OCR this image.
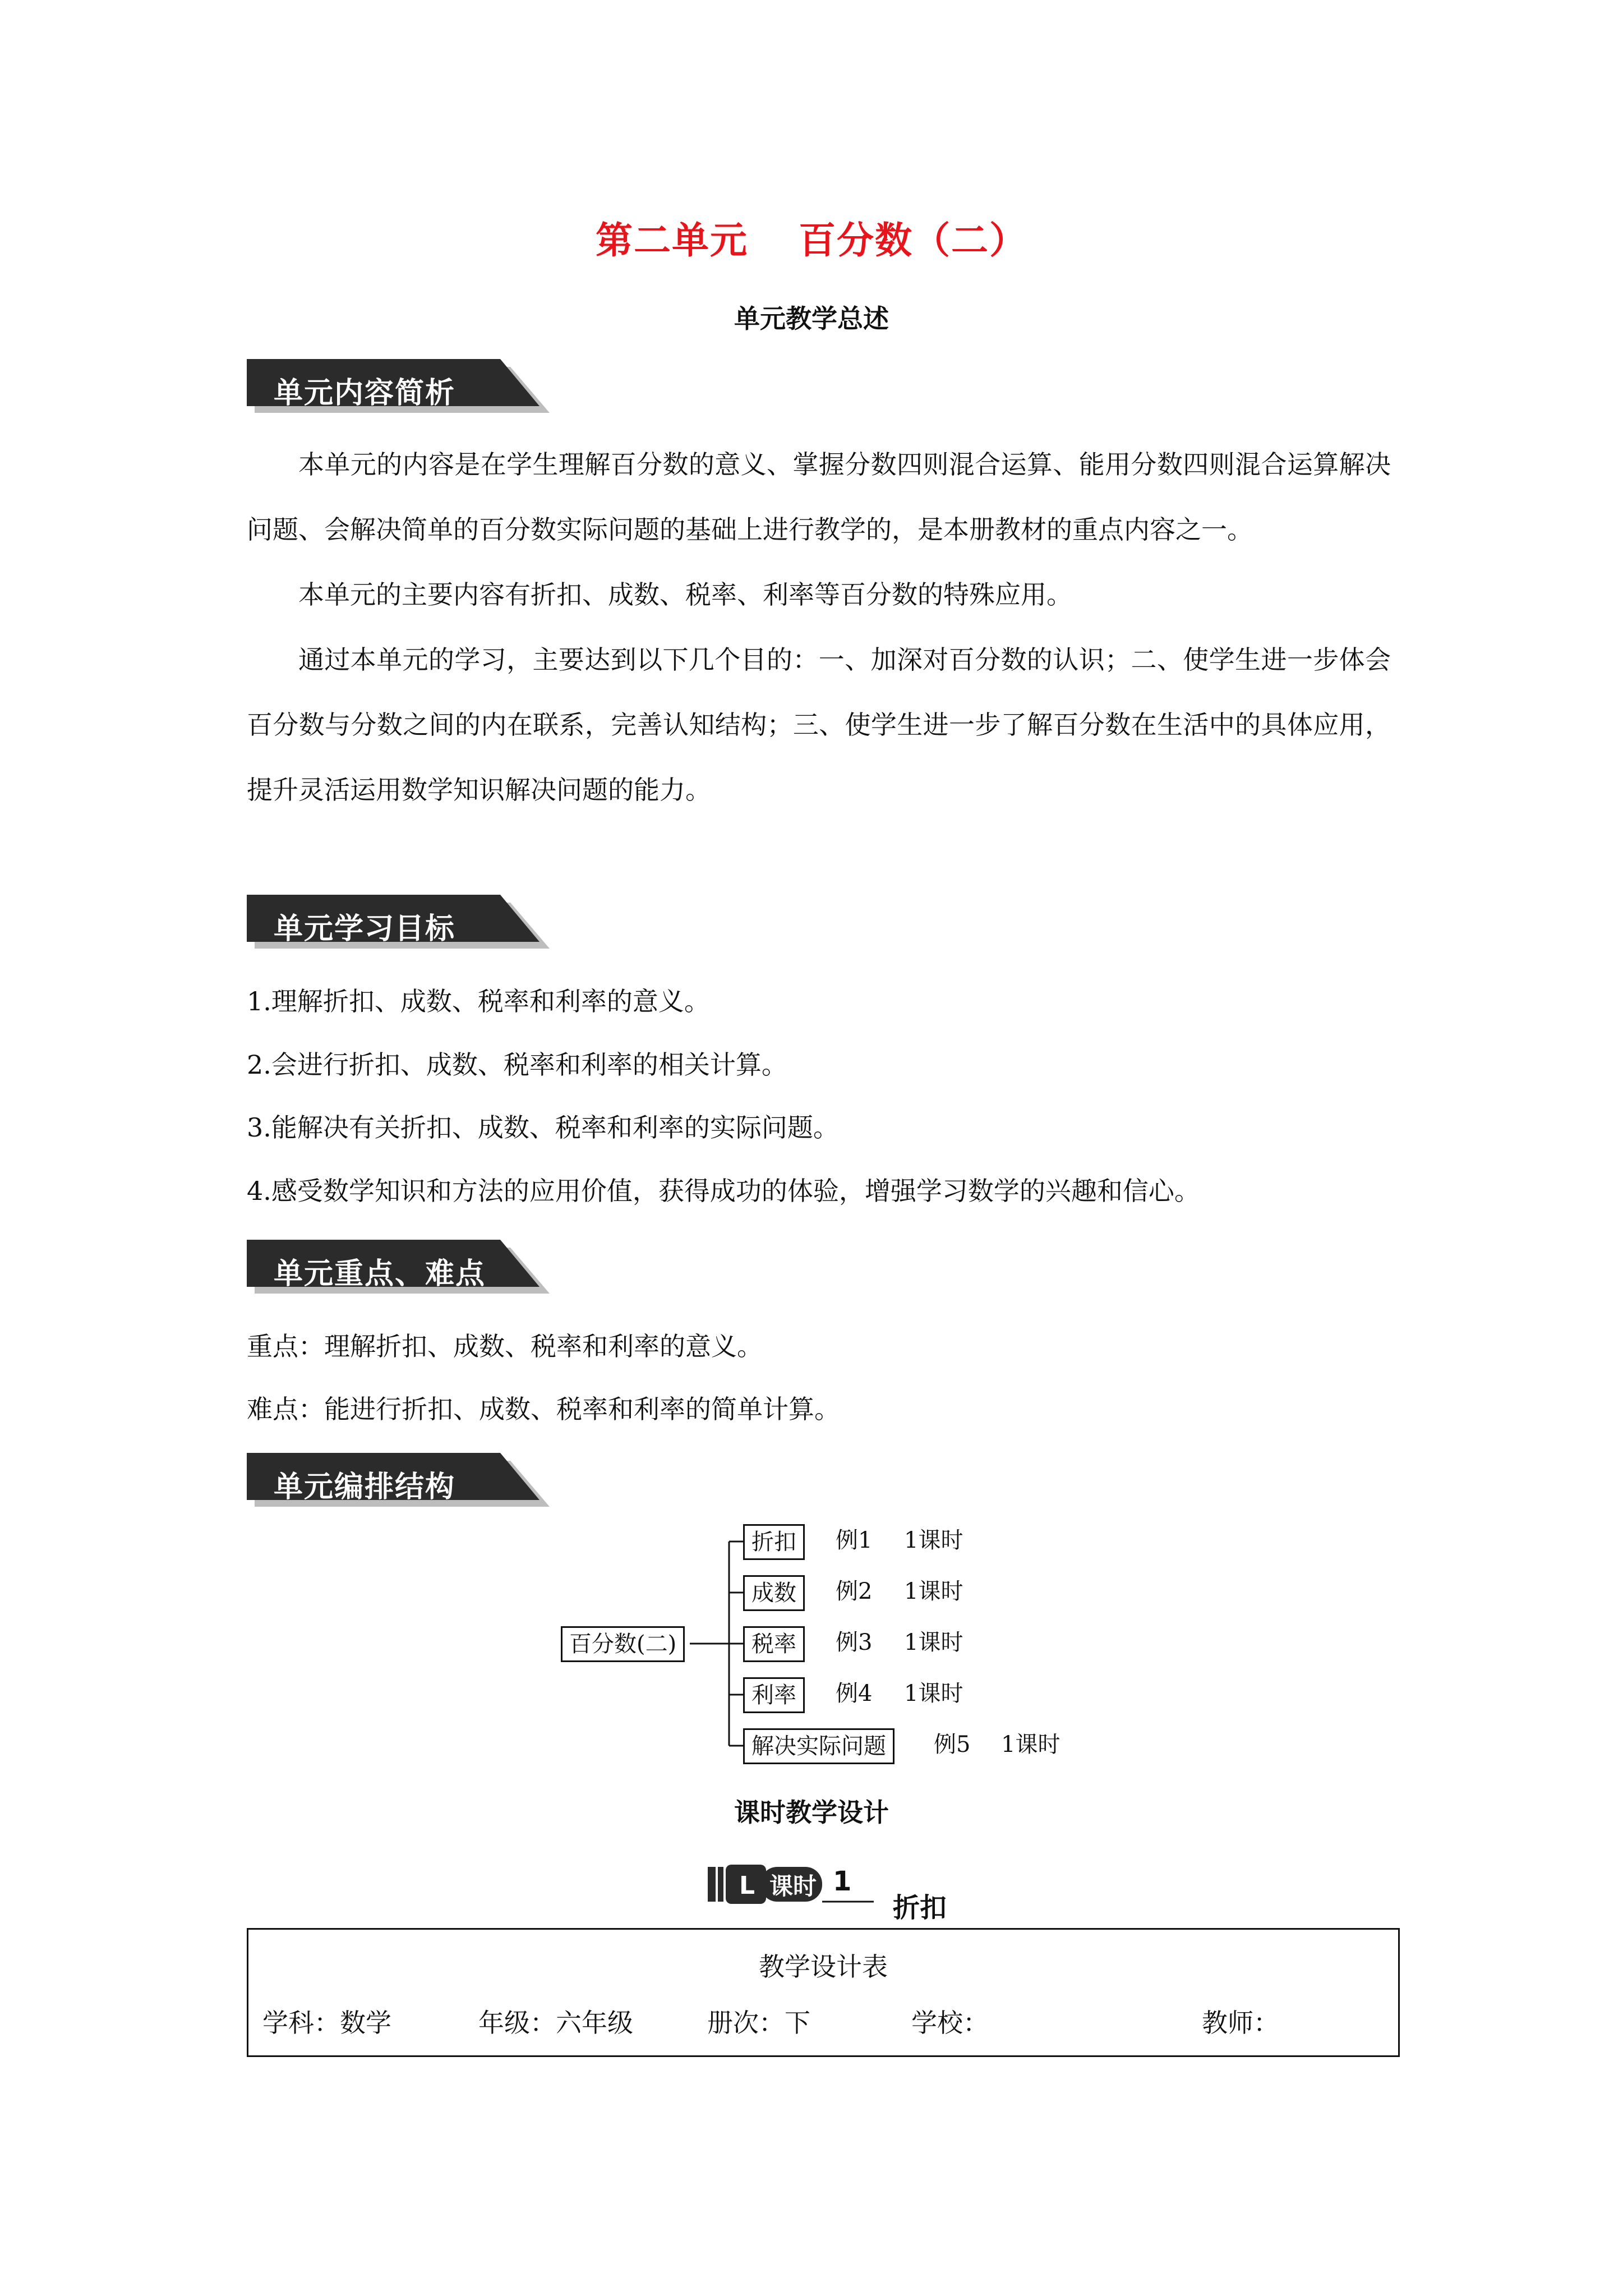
第二单元 百分数（二）
单元教学总述
单元内容简析

本单元的内容是在学生理解百分数的意义、掌握分数四则混合运算、能用分数四则混合运算解决问题、会解决简单的百分数实际问题的基础上进行教学的，是本册教材的重点内容之一。

本单元的主要内容有折扣、成数、税率、利率等百分数的特殊应用。

通过本单元的学习，主要达到以下几个目的：一、加深对百分数的认识；二、使学生进一步体会百分数与分数之间的内在联系，完善认知结构；三、使学生进一步了解百分数在生活中的具体应用，提升灵活运用数学知识解决问题的能力。

单元学习目标
1.理解折扣、成数、税率和利率的意义。
2.会进行折扣、成数、税率和利率的相关计算。
3.能解决有关折扣、成数、税率和利率的实际问题。
4.感受数学知识和方法的应用价值，获得成功的体验，增强学习数学的兴趣和信心。
单元重点、难点
重点：理解折扣、成数、税率和利率的意义。
难点：能进行折扣、成数、税率和利率的简单计算。
单元编排结构
百分数(二)
折扣	例1 1课时
成数	例2 1课时
税率	例3 1课时
利率	例4 1课时
解决实际问题	例5 1课时
课时教学设计
L 课时 1
折扣
教学设计表
学科：数学	年级：六年级	册次：下	学校：	教师：
